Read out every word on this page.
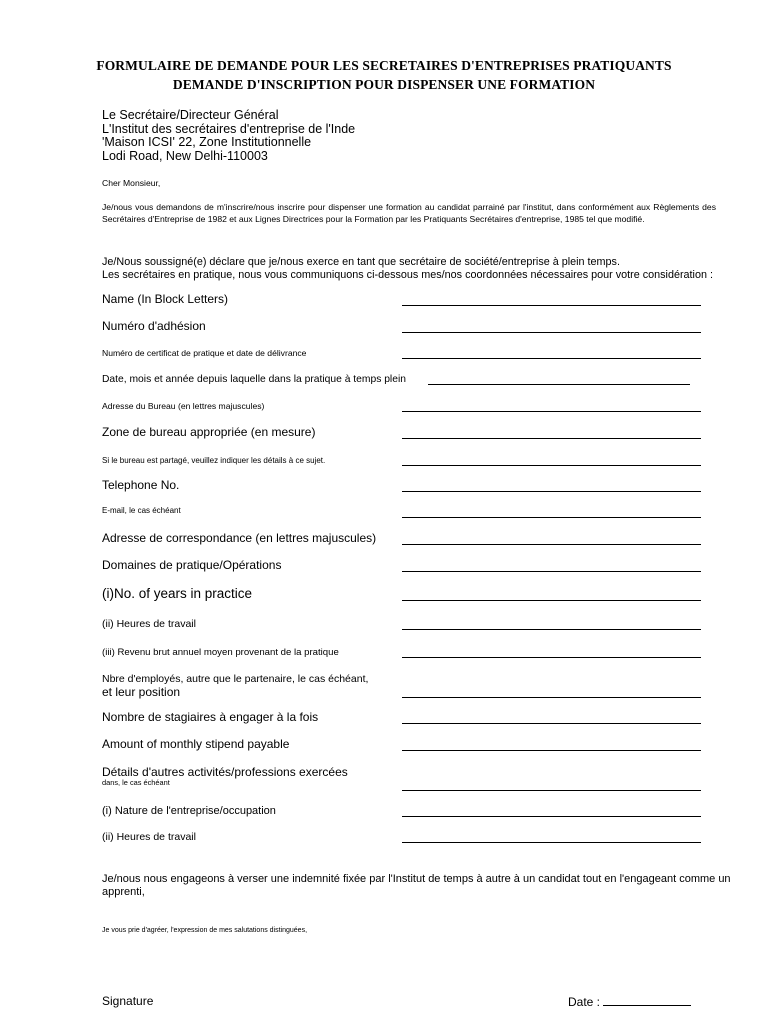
FORMULAIRE DE DEMANDE POUR LES SECRETAIRES D'ENTREPRISES PRATIQUANTS
DEMANDE D'INSCRIPTION POUR DISPENSER UNE FORMATION
Le Secrétaire/Directeur Général
L'Institut des secrétaires d'entreprise de l'Inde
'Maison ICSI' 22, Zone Institutionnelle
Lodi Road, New Delhi-110003
Cher Monsieur,
Je/nous vous demandons de m'inscrire/nous inscrire pour dispenser une formation au candidat parrainé par l'institut, dans conformément aux Règlements des Secrétaires d'Entreprise de 1982 et aux Lignes Directrices pour la Formation par les Pratiquants Secrétaires d'entreprise, 1985 tel que modifié.
Je/Nous soussigné(e) déclare que je/nous exerce en tant que secrétaire de société/entreprise à plein temps.
Les secrétaires en pratique, nous vous communiquons ci-dessous mes/nos coordonnées nécessaires pour votre considération :
Name (In Block Letters)
Numéro d'adhésion
Numéro de certificat de pratique et date de délivrance
Date, mois et année depuis laquelle dans la pratique à temps plein
Adresse du Bureau (en lettres majuscules)
Zone de bureau appropriée (en mesure)
Si le bureau est partagé, veuillez indiquer les détails à ce sujet.
Telephone No.
E-mail, le cas échéant
Adresse de correspondance (en lettres majuscules)
Domaines de pratique/Opérations
(i)No. of years in practice
(ii) Heures de travail
(iii) Revenu brut annuel moyen provenant de la pratique
Nbre d'employés, autre que le partenaire, le cas échéant,
et leur position
Nombre de stagiaires à engager à la fois
Amount of monthly stipend payable
Détails d'autres activités/professions exercées
dans, le cas échéant
(i) Nature de l'entreprise/occupation
(ii) Heures de travail
Je/nous nous engageons à verser une indemnité fixée par l'Institut de temps à autre à un candidat tout en l'engageant comme un apprenti,
Je vous prie d'agréer, l'expression de mes salutations distinguées,
Signature	Date :
